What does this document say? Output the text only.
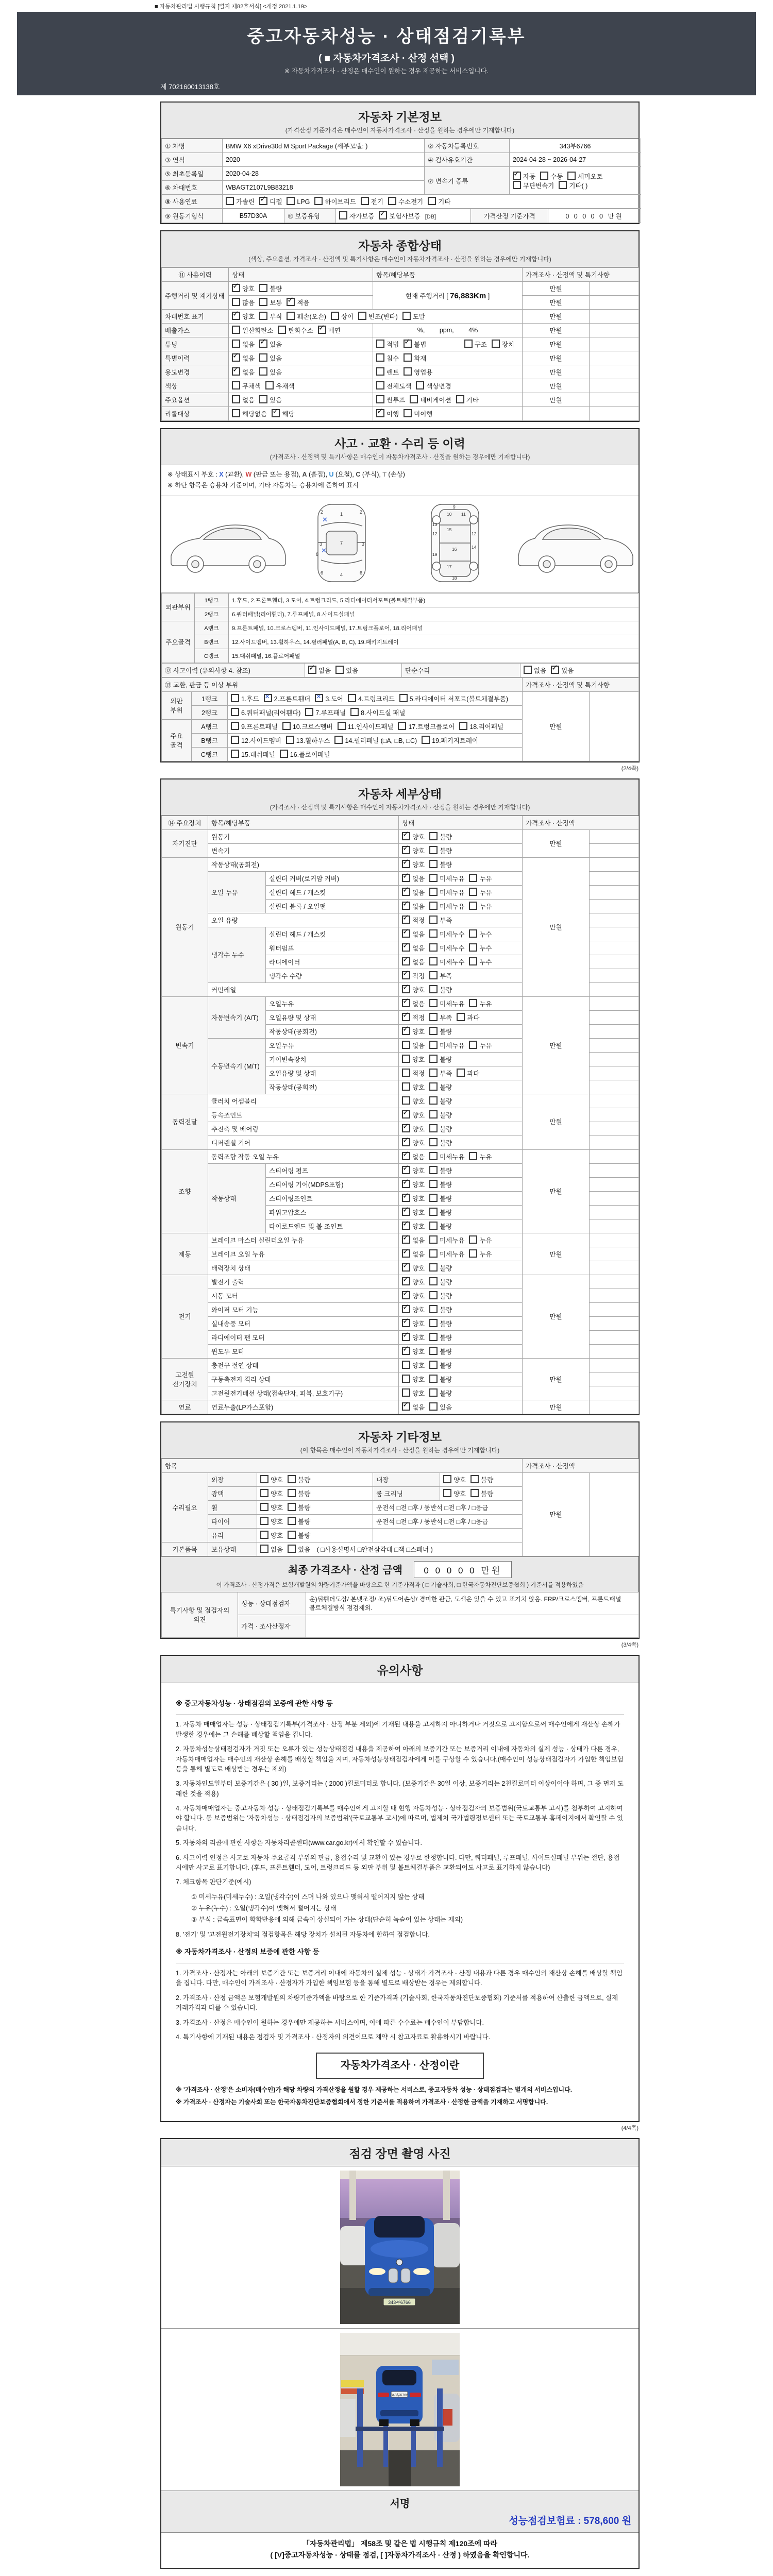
■ 자동차관리법 시행규칙 [별지 제82호서식] <개정 2021.1.19>
중고자동차성능 · 상태점검기록부
( ■ 자동차가격조사 · 산정 선택 )
※ 자동차가격조사 · 산정은 매수인이 원하는 경우 제공하는 서비스입니다.
제 702160013138호
자동차 기본정보
(가격산정 기준가격은 매수인이 자동차가격조사 · 산정을 원하는 경우에만 기재합니다)
① 차명	BMW X6 xDrive30d M Sport Package (세부모델: )	② 자동차등록번호	343부6766
③ 연식	2020	④ 검사유효기간	2024-04-28 ~ 2026-04-27
⑤ 최초등록일	2020-04-28	⑦ 변속기 종류	✓자동 수동 세미오토무단변속기 기타( )
⑥ 차대번호	WBAGT2107L9B83218		
⑧ 사용연료	가솔린 ✓ 디젤 LPG 하이브리드 전기 수소전기 기타
⑨ 원동기형식	B57D30A	⑩ 보증유형	자가보증 ✓ 보험사보증 [DB]	가격산정 기준가격	0 0 0 0 0 만원
자동차 종합상태
(색상, 주요옵션, 가격조사 · 산정액 및 특기사항은 매수인이 자동차가격조사 · 산정을 원하는 경우에만 기재합니다)
⑪ 사용이력	상태	항목/해당부품	가격조사 · 산정액 및 특기사항	
주행거리 및 계기상태	✓양호 불량	현재 주행거리 [ 76,883Km ]	만원	
	많음 보통 ✓ 적음		만원	
차대번호 표기	✓양호 부식 훼손(오손) 상이 변조(변타) 도말		만원	
배출가스	일산화탄소 탄화수소 ✓ 매연	%,   ppm,   4%	만원	
튜닝	없음 ✓ 있음	적법 ✓ 불법 구조 장치	만원	
특별이력	✓없음 있음	침수 화재	만원	
용도변경	✓없음 있음	렌트 영업용	만원	
색상	무채색 유채색	전체도색 색상변경	만원	
주요옵션	없음 있음	썬루프 네비게이션 기타	만원	
리콜대상	해당없음 ✓ 해당	✓이행 미이행		
사고 · 교환 · 수리 등 이력
(가격조사 · 산정액 및 특기사항은 매수인이 자동차가격조사 · 산정을 원하는 경우에만 기재합니다)
※ 상태표시 부호 : X (교환), W (판금 또는 용접), A (흠집), U (요철), C (부식), T (손상)
※ 하단 항목은 승용차 기준이며, 기타 자동차는 승용차에 준하여 표시
1
2	2
3	3
4
6	6
7
8
✕
✕
9
10 11
12	12
13
14
15
16
17
18
19
외판부위	1랭크	1.후드, 2.프론트휀더, 3.도어, 4.트렁크리드, 5.라디에이터서포트(볼트체결부품)
	2랭크	6.쿼터패널(리어휀더), 7.루프패널, 8.사이드실패널
주요골격	A랭크	9.프론트패널, 10.크로스멤버, 11.인사이드패널, 17.트렁크플로어, 18.리어패널
	B랭크	12.사이드멤버, 13.휠하우스, 14.필러패널(A, B, C), 19.패키지트레이
	C랭크	15.대쉬패널, 16.플로어패널
⑫ 사고이력 (유의사항 4. 참조)	✓없음 있음	단순수리	없음 ✓ 있음
⑬ 교환, 판금 등 이상 부위			가격조사 · 산정액 및 특기사항	
외판 부위	1랭크	1.후드 ✕ 2.프론트휀더 ✕ 3.도어 4.트렁크리드 5.라디에이터 서포트(볼트체결부품)	만원	
	2랭크	6.쿼터패널(리어휀다) 7.루프패널 8.사이드실 패널		
주요 골격	A랭크	9.프론트패널 10.크로스멤버 11.인사이드패널 17.트렁크플로어 18.리어패널		
	B랭크	12.사이드멤버 13.휠하우스 14.필러패널 (□A, □B, □C) 19.패키지트레이		
	C랭크	15.대쉬패널 16.플로어패널		
(2/4쪽)
자동차 세부상태
(가격조사 · 산정액 및 특기사항은 매수인이 자동차가격조사 · 산정을 원하는 경우에만 기재합니다)
⑭ 주요장치	항목/해당부품		상태	가격조사 · 산정액	
자기진단	원동기	✓양호 불량	만원	
	변속기	✓양호 불량	
원동기	작동상태(공회전)	✓양호 불량	만원	
	오일 누유	실린더 커버(로커암 커버)	✓없음 미세누유 누유	
		실린더 헤드 / 개스킷	✓없음 미세누유 누유	
		실린더 블록 / 오일팬	✓없음 미세누유 누유	
	오일 유량	✓적정 부족	
	냉각수 누수	실린더 헤드 / 개스킷	✓없음 미세누수 누수	
		워터펌프	✓없음 미세누수 누수	
		라디에이터	✓없음 미세누수 누수	
		냉각수 수량	✓적정 부족	
	커먼레일	✓양호 불량	
변속기	자동변속기 (A/T)	오일누유	✓없음 미세누유 누유	만원	
		오일유량 및 상태	✓적정 부족 과다	
		작동상태(공회전)	✓양호 불량	
	수동변속기 (M/T)	오일누유	없음 미세누유 누유		
		기어변속장치	양호 불량		
		오일유량 및 상태	적정 부족 과다		
		작동상태(공회전)	양호 불량		
동력전달	클러치 어셈블리		양호 불량	만원	
	등속조인트	✓양호 불량	
	추진축 및 베어링	✓양호 불량	
	디퍼렌셜 기어	✓양호 불량	
조향	동력조향 작동 오일 누유	✓없음 미세누유 누유	만원	
	작동상태	스티어링 펌프	✓양호 불량	
		스티어링 기어(MDPS포함)	✓양호 불량	
		스티어링조인트	✓양호 불량	
		파워고압호스	✓양호 불량	
		타이로드엔드 및 볼 조인트	✓양호 불량	
제동	브레이크 마스터 실린더오일 누유	✓없음 미세누유 누유	만원	
	브레이크 오일 누유	✓없음 미세누유 누유	
	배력장치 상태	✓양호 불량	
전기	발전기 출력	✓양호 불량	만원	
	시동 모터	✓양호 불량	
	와이퍼 모터 기능	✓양호 불량	
	실내송풍 모터	✓양호 불량	
	라디에이터 팬 모터	✓양호 불량	
	윈도우 모터	✓양호 불량	
고전원 전기장치	충전구 절연 상태		양호 불량	만원	
	구동축전지 격리 상태		양호 불량		
	고전원전기배선 상태(접속단자, 피복, 보호기구)		양호 불량		
연료	연료누출(LP가스포함)	✓없음 있음	만원	
자동차 기타정보
(이 항목은 매수인이 자동차가격조사 · 산정을 원하는 경우에만 기재합니다)
항목					가격조사 · 산정액	
수리필요	외장	양호 불량	내장	양호 불량	만원	
	광택	양호 불량	룸 크리닝	양호 불량		
	휠	양호 불량	운전석 □전 □후 / 동반석 □전 □후 / □응급			
	타이어	양호 불량	운전석 □전 □후 / 동반석 □전 □후 / □응급			
	유리	양호 불량				
기본품목	보유상태	없음 있음 ( □사용설명서 □안전삼각대 □잭 □스패너 )				
최종 가격조사 · 산정 금액 0 0 0 0 0 만원
이 가격조사 · 산정가격은 보험개발원의 차량기준가액을 바탕으로 한 기준가격과 ( □ 기술사회, □ 한국자동차진단보증협회 ) 기준서를 적용하였음
특기사항 및 점검자의 의견	성능 · 상태점검자	운)뒤휀더도장/ 본넷조정/ 조)뒤도어손상/ 경미한 판금, 도색은 있을 수 있고 표기치 않음. FRP/크로스멤버, 프론트패널 볼트체결방식 점검제외.
	가격 · 조사산정자	
(3/4쪽)
유의사항
※ 중고자동차성능 · 상태점검의 보증에 관한 사항 등
1. 자동차 매매업자는 성능 · 상태점검기록부(가격조사 · 산정 부분 제외)에 기재된 내용을 고지하지 아니하거나 거짓으로 고지함으로써 매수인에게 재산상 손해가 발생한 경우에는 그 손해를 배상할 책임을 집니다.
2. 자동차성능상태점검자가 거짓 또는 오류가 있는 성능상태점검 내용을 제공하여 아래의 보증기간 또는 보증거리 이내에 자동차의 실제 성능 · 상태가 다른 경우, 자동차매매업자는 매수인의 재산상 손해를 배상할 책임을 지며, 자동차성능상태점검자에게 이를 구상할 수 있습니다.(매수인이 성능상태점검자가 가입한 책임보험 등을 통해 별도로 배상받는 경우는 제외)
3. 자동차인도일부터 보증기간은 ( 30 )일, 보증거리는 ( 2000 )킬로미터로 합니다. (보증기간은 30일 이상, 보증거리는 2천킬로미터 이상이어야 하며, 그 중 먼저 도래한 것을 적용)
4. 자동차매매업자는 중고자동차 성능 · 상태점검기록부를 매수인에게 고지할 때 현행 자동차성능 · 상태점검자의 보증범위(국토교통부 고시)를 첨부하여 고지하여야 합니다. 동 보증범위는 '자동차성능 · 상태점검자의 보증범위'(국토교통부 고시)에 따르며, 법제처 국가법령정보센터 또는 국토교통부 홈페이지에서 확인할 수 있습니다.
5. 자동차의 리콜에 관한 사항은 자동차리콜센터(www.car.go.kr)에서 확인할 수 있습니다.
6. 사고이력 인정은 사고로 자동차 주요골격 부위의 판금, 용접수리 및 교환이 있는 경우로 한정합니다. 다만, 쿼터패널, 루프패널, 사이드실패널 부위는 절단, 용접 시에만 사고로 표기합니다. (후드, 프론트휀더, 도어, 트렁크리드 등 외판 부위 및 볼트체결부품은 교환되어도 사고로 표기하지 않습니다)
7. 체크항목 판단기준(예시)
① 미세누유(미세누수) : 오일(냉각수)이 스며 나와 있으나 맺혀서 떨어지지 않는 상태
② 누유(누수) : 오일(냉각수)이 맺혀서 떨어지는 상태
③ 부식 : 금속표면이 화학반응에 의해 금속이 상실되어 가는 상태(단순히 녹슬어 있는 상태는 제외)
8. '전기' 및 '고전원전기장치'의 점검항목은 해당 장치가 설치된 자동차에 한하여 점검합니다.
※ 자동차가격조사 · 산정의 보증에 관한 사항 등
1. 가격조사 · 산정자는 아래의 보증기간 또는 보증거리 이내에 자동차의 실제 성능 · 상태가 가격조사 · 산정 내용과 다른 경우 매수인의 재산상 손해를 배상할 책임을 집니다. 다만, 매수인이 가격조사 · 산정자가 가입한 책임보험 등을 통해 별도로 배상받는 경우는 제외합니다.
2. 가격조사 · 산정 금액은 보험개발원의 차량기준가액을 바탕으로 한 기준가격과 (기술사회, 한국자동차진단보증협회) 기준서를 적용하여 산출한 금액으로, 실제 거래가격과 다를 수 있습니다.
3. 가격조사 · 산정은 매수인이 원하는 경우에만 제공하는 서비스이며, 이에 따른 수수료는 매수인이 부담합니다.
4. 특기사항에 기재된 내용은 점검자 및 가격조사 · 산정자의 의견이므로 계약 시 참고자료로 활용하시기 바랍니다.
자동차가격조사 · 산정이란
※ '가격조사 · 산정'은 소비자(매수인)가 해당 차량의 가격산정을 원할 경우 제공하는 서비스로, 중고자동차 성능 · 상태점검과는 별개의 서비스입니다.
※ 가격조사 · 산정자는 기술사회 또는 한국자동차진단보증협회에서 정한 기준서를 적용하여 가격조사 · 산정한 금액을 기재하고 서명합니다.
(4/4쪽)
점검 장면 촬영 사진
343부6766
343부6766
서명
성능점검보험료 : 578,600 원
「자동차관리법」 제58조 및 같은 법 시행규칙 제120조에 따라
( [V]중고자동차성능 · 상태를 점검, [ ]자동차가격조사 · 산정 ) 하였음을 확인합니다.
